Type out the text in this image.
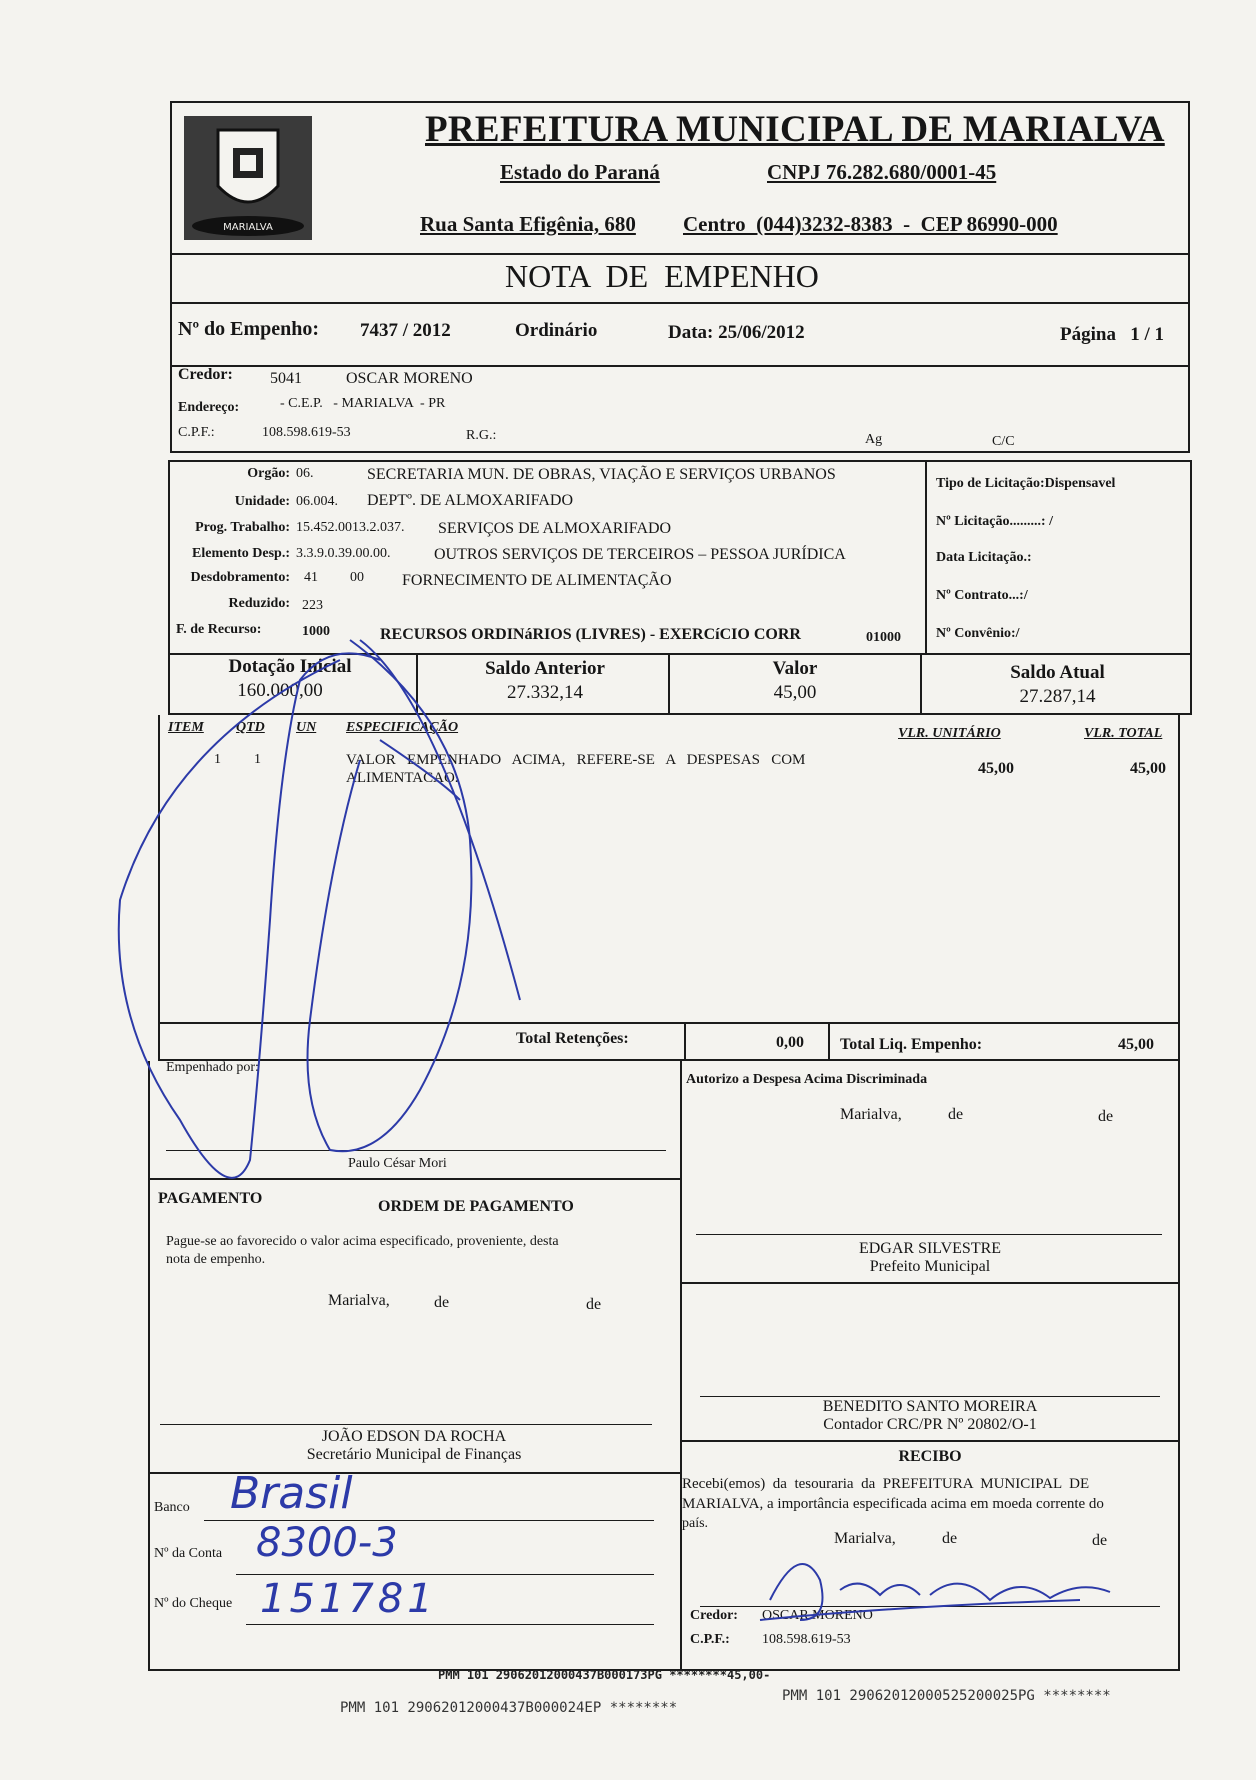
MARIALVA
PREFEITURA MUNICIPAL DE MARIALVA
Estado do Paraná	CNPJ 76.282.680/0001-45
Rua Santa Efigênia, 680 Centro  (044)3232-8383  -  CEP 86990-000
NOTA  DE  EMPENHO
Nº do Empenho: 7437 / 2012	Ordinário	Data: 25/06/2012	Página   1 / 1
Credor: 5041	OSCAR MORENO
Endereço:	- C.E.P.   - MARIALVA  - PR
C.P.F.:	108.598.619-53	R.G.:	Ag	C/C
Orgão: 06.	SECRETARIA MUN. DE OBRAS, VIAÇÃO E SERVIÇOS URBANOS
Unidade: 06.004. DEPTº. DE ALMOXARIFADO
Prog. Trabalho: 15.452.0013.2.037. SERVIÇOS DE ALMOXARIFADO
Elemento Desp.: 3.3.9.0.39.00.00.	OUTROS SERVIÇOS DE TERCEIROS – PESSOA JURÍDICA
Desdobramento: 41 00 FORNECIMENTO DE ALIMENTAÇÃO
Reduzido: 223
F. de Recurso:	1000	RECURSOS ORDINáRIOS (LIVRES) - EXERCíCIO CORR	01000
Tipo de Licitação:Dispensavel
Nº Licitação.........: /
Data Licitação.:
Nº Contrato...:/
Nº Convênio:/
Dotação Inicial
160.000,00
Saldo Anterior
27.332,14
Valor
45,00
Saldo Atual
27.287,14
ITEM QTD UN ESPECIFICAÇÃO	VLR. UNITÁRIO	VLR. TOTAL
1 1	VALOR   EMPENHADO   ACIMA,   REFERE-SE   A   DESPESAS   COM
ALIMENTACAO.
45,00	45,00
Total Retenções:	0,00 Total Liq. Empenho:	45,00
Empenhado por:
Paulo César Mori
Autorizo a Despesa Acima Discriminada
Marialva,	de	de
EDGAR SILVESTRE
Prefeito Municipal
BENEDITO SANTO MOREIRA
Contador CRC/PR Nº 20802/O-1
PAGAMENTO	ORDEM DE PAGAMENTO
Pague-se ao favorecido o valor acima especificado, proveniente, desta
nota de empenho.
Marialva,	de	de
JOÃO EDSON DA ROCHA
Secretário Municipal de Finanças
Banco Brasil
Nº da Conta 8300-3
Nº do Cheque 151781
RECIBO
Recebi(emos)  da  tesouraria  da  PREFEITURA  MUNICIPAL  DE
MARIALVA, a importância especificada acima em moeda corrente do
país.
Marialva,	de	de
Credor: OSCAR MORENO
C.P.F.: 108.598.619-53
PMM 101 29062012000437B000173PG ********45,00-
PMM 101 29062012000437B000024EP ********
PMM 101 29062012000525200025PG ********
